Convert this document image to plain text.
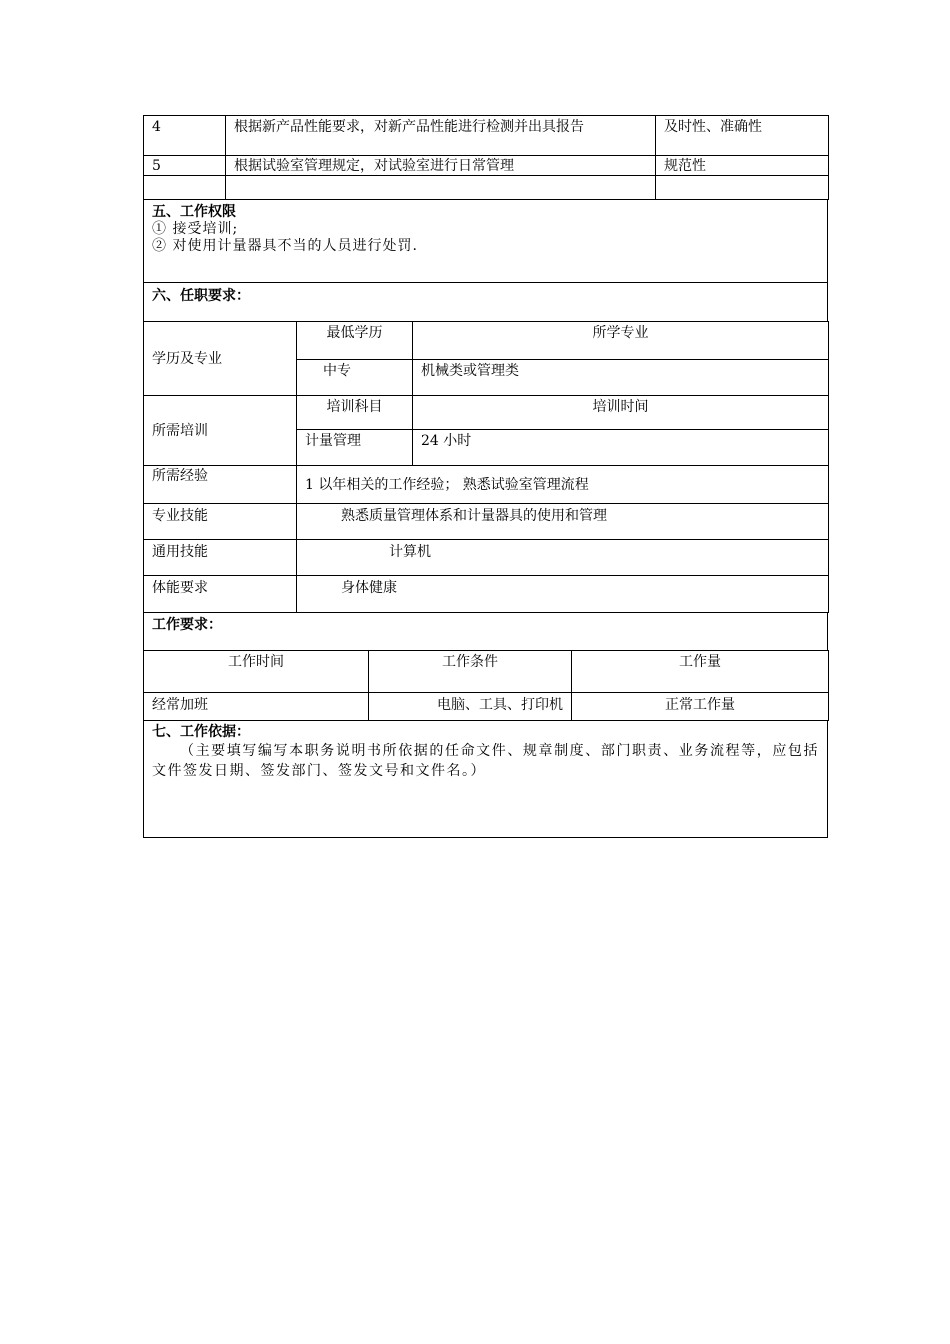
4	根据新产品性能要求，对新产品性能进行检测并出具报告	及时性、准确性
5	根据试验室管理规定，对试验室进行日常管理	规范性

五、工作权限
① 接受培训;
② 对使用计量器具不当的人员进行处罚.
六、任职要求：
学历及专业	最低学历	所学专业
	中专	机械类或管理类
所需培训	培训科目	培训时间
	计量管理	24 小时
所需经验	1 以年相关的工作经验； 熟悉试验室管理流程	
专业技能	熟悉质量管理体系和计量器具的使用和管理	
通用技能	计算机	
体能要求	身体健康	
工作要求：
工作时间	工作条件	工作量
经常加班	电脑、工具、打印机	正常工作量
七、工作依据：
（主要填写编写本职务说明书所依据的任命文件、规章制度、部门职责、业务流程等，应包括文件签发日期、签发部门、签发文号和文件名。）
